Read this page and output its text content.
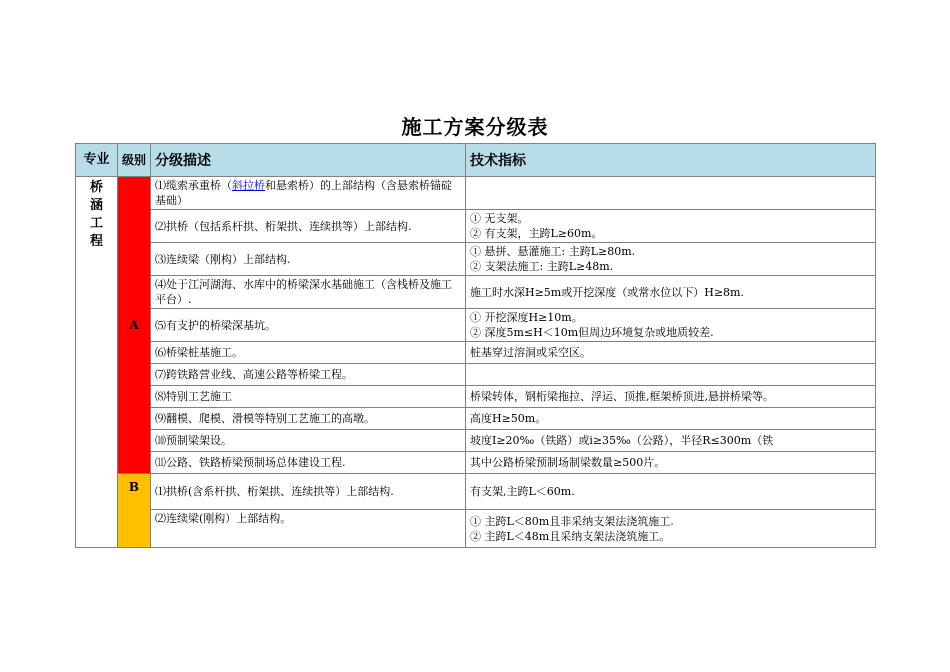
施工方案分级表
专业	级别	分级描述	技术指标

桥涵工程	A	⑴缆索承重桥（斜拉桥和悬索桥）的上部结构（含悬索桥锚碇基础）	

		⑵拱桥（包括系杆拱、桁架拱、连续拱等）上部结构.	① 无支架。
② 有支架，主跨L≥60m。

		⑶连续梁（刚构）上部结构.	① 悬拼、悬灌施工: 主跨L≥80m.
② 支架法施工: 主跨L≥48m.

		⑷处于江河湖海、水库中的桥梁深水基础施工（含栈桥及施工平台）.	施工时水深H≥5m或开挖深度（或常水位以下）H≥8m.

		⑸有支护的桥梁深基坑。	① 开挖深度H≥10m。
② 深度5m≤H＜10m但周边环境复杂或地质较差.

		⑹桥梁桩基施工。	桩基穿过溶洞或采空区。

		⑺跨铁路营业线、高速公路等桥梁工程。	

		⑻特别工艺施工	桥梁转体，钢桁梁拖拉、浮运、顶推,框架桥顶进,悬拼桥梁等。

		⑼翻模、爬模、滑模等特别工艺施工的高墩。	高度H≥50m。

		⑽预制梁架设。	坡度I≥20‰（铁路）或i≥35‰（公路），半径R≤300m（铁

		⑾公路、铁路桥梁预制场总体建设工程.	其中公路桥梁预制场制梁数量≥500片。

	B	⑴拱桥(含系杆拱、桁架拱、连续拱等）上部结构.	有支架,主跨L＜60m.

		⑵连续梁(刚构）上部结构。	① 主跨L＜80m且非采纳支架法浇筑施工.
② 主跨L＜48m且采纳支架法浇筑施工。
